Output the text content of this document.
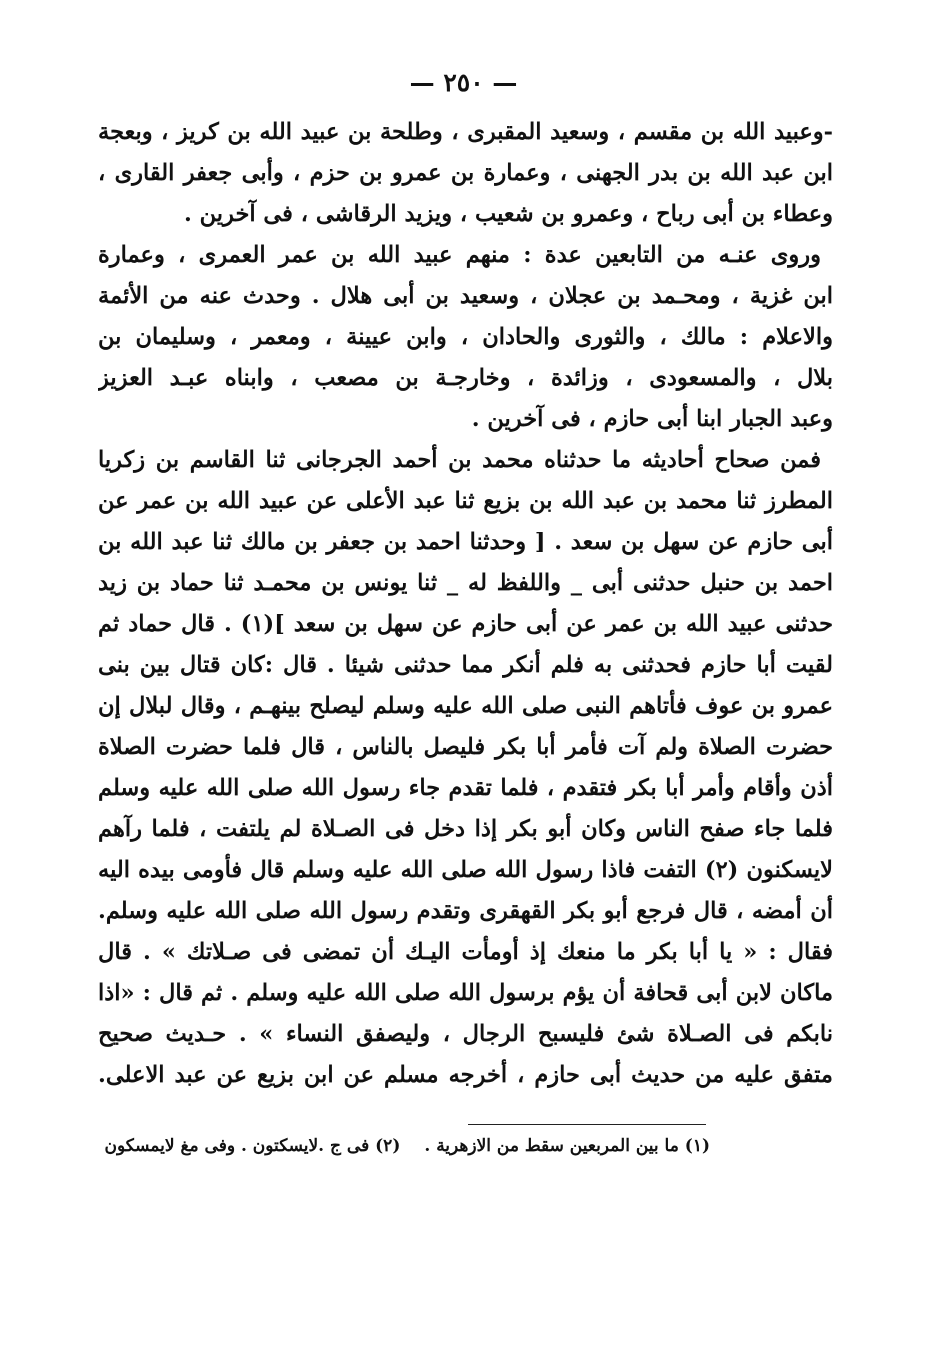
— ٢٥٠ —
-وعبيد الله بن مقسم ، وسعيد المقبرى ، وطلحة بن عبيد الله بن كريز ، وبعجة
ابن عبد الله بن بدر الجهنى ، وعمارة بن عمرو بن حزم ، وأبى جعفر القارى ،
وعطاء بن أبى رباح ، وعمرو بن شعيب ، ويزيد الرقاشى ، فى آخرين .
وروى عنـه من التابعين عدة : منهم عبيد الله بن عمر العمرى ، وعمارة
ابن غزية ، ومحـمد بن عجلان ، وسعيد بن أبى هلال . وحدث عنه من الأئمة
والاعلام : مالك ، والثورى والحادان ، وابن عيينة ، ومعمر ، وسليمان بن
بلال ، والمسعودى ، وزائدة ، وخارجـة بن مصعب ، وابناه عبـد العزيز
وعبد الجبار ابنا أبى حازم ، فى آخرين .
فمن صحاح أحاديثه ما حدثناه محمد بن أحمد الجرجانى ثنا القاسم بن زكريا
المطرز ثنا محمد بن عبد الله بن بزيع ثنا عبد الأعلى عن عبيد الله بن عمر عن
أبى حازم عن سهل بن سعد . [ وحدثنا احمد بن جعفر بن مالك ثنا عبد الله بن
احمد بن حنبل حدثنى أبى _ واللفظ له _ ثنا يونس بن محمـد ثنا حماد بن زيد
حدثنى عبيد الله بن عمر عن أبى حازم عن سهل بن سعد ](١) . قال حماد ثم
لقيت أبا حازم فحدثنى به فلم أنكر مما حدثنى شيئا . قال :كان قتال بين بنى
عمرو بن عوف فأتاهم النبى صلى الله عليه وسلم ليصلح بينهـم ، وقال لبلال إن
حضرت الصلاة ولم آت فأمر أبا بكر فليصل بالناس ، قال فلما حضرت الصلاة
أذن وأقام وأمر أبا بكر فتقدم ، فلما تقدم جاء رسول الله صلى الله عليه وسلم
فلما جاء صفح الناس وكان أبو بكر إذا دخل فى الصـلاة لم يلتفت ، فلما رآهم
لايسكنون (٢) التفت فاذا رسول الله صلى الله عليه وسلم قال فأومى بيده اليه
أن أمضه ، قال فرجع أبو بكر القهقرى وتقدم رسول الله صلى الله عليه وسلم.
فقال : « يا أبا بكر ما منعك إذ أومأت اليـك أن تمضى فى صـلاتك » . قال
ماكان لابن أبى قحافة أن يؤم برسول الله صلى الله عليه وسلم . ثم قال : «اذا
نابكم فى الصـلاة شئ فليسبح الرجال ، وليصفق النساء » . حـديث صحيح
متفق عليه من حديث أبى حازم ، أخرجه مسلم عن ابن بزيع عن عبد الاعلى.
(١) ما بين المربعين سقط من الازهرية .(٢) فى ج .لايسكتون . وفى مغ لايمسكون
